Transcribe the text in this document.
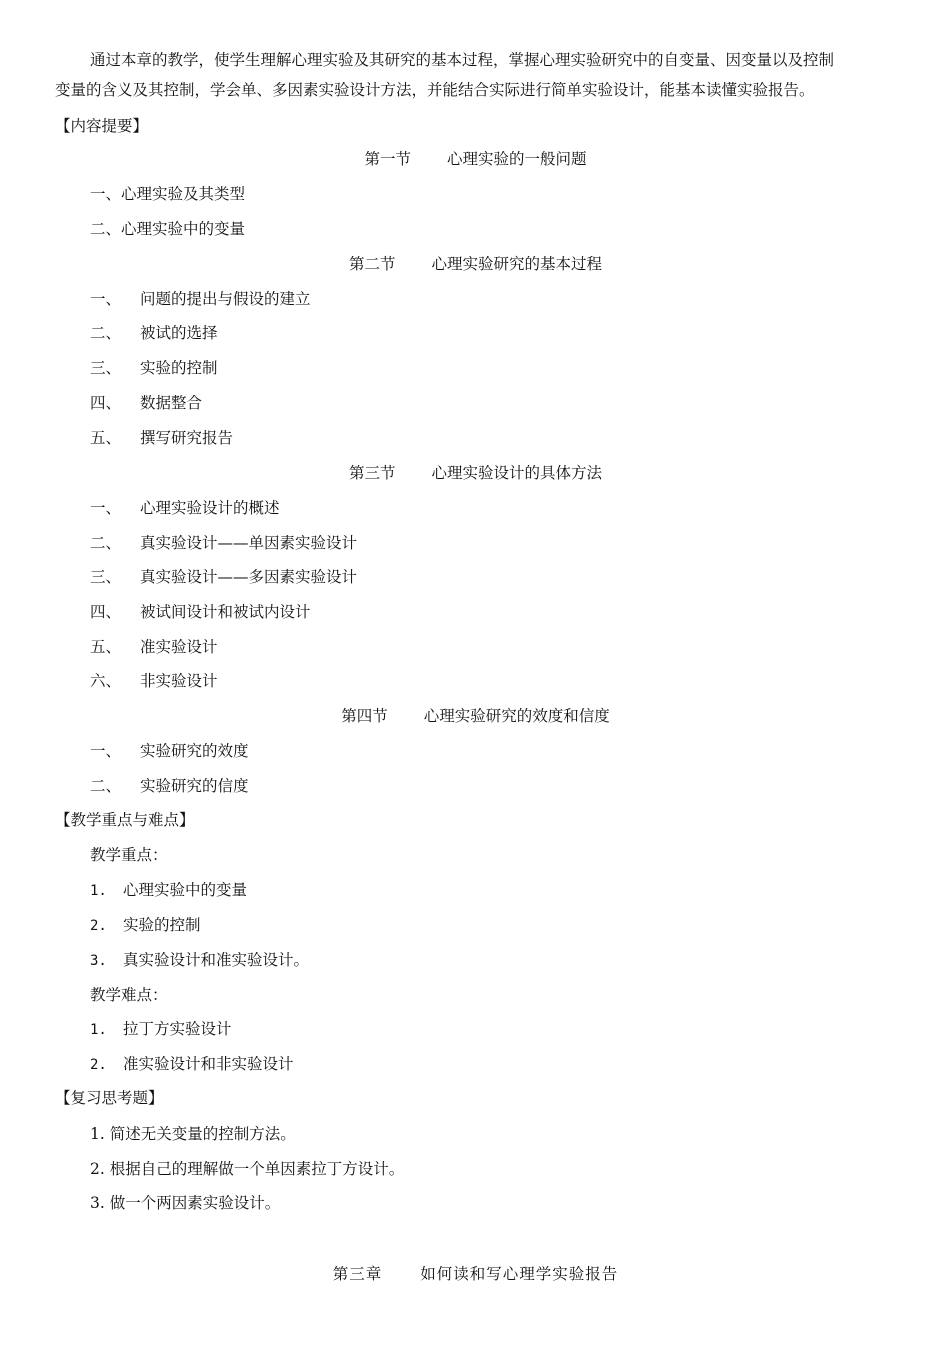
通过本章的教学，使学生理解心理实验及其研究的基本过程，掌握心理实验研究中的自变量、因变量以及控制
变量的含义及其控制，学会单、多因素实验设计方法，并能结合实际进行简单实验设计，能基本读懂实验报告。
【内容提要】
第一节 心理实验的一般问题
一、心理实验及其类型
二、心理实验中的变量
第二节 心理实验研究的基本过程
一、 问题的提出与假设的建立
二、 被试的选择
三、 实验的控制
四、 数据整合
五、 撰写研究报告
第三节 心理实验设计的具体方法
一、 心理实验设计的概述
二、 真实验设计——单因素实验设计
三、 真实验设计——多因素实验设计
四、 被试间设计和被试内设计
五、 准实验设计
六、 非实验设计
第四节 心理实验研究的效度和信度
一、 实验研究的效度
二、 实验研究的信度
【教学重点与难点】
教学重点：
1. 心理实验中的变量
2. 实验的控制
3. 真实验设计和准实验设计。
教学难点：
1. 拉丁方实验设计
2. 准实验设计和非实验设计
【复习思考题】
1. 简述无关变量的控制方法。
2. 根据自己的理解做一个单因素拉丁方设计。
3. 做一个两因素实验设计。
第三章 如何读和写心理学实验报告
